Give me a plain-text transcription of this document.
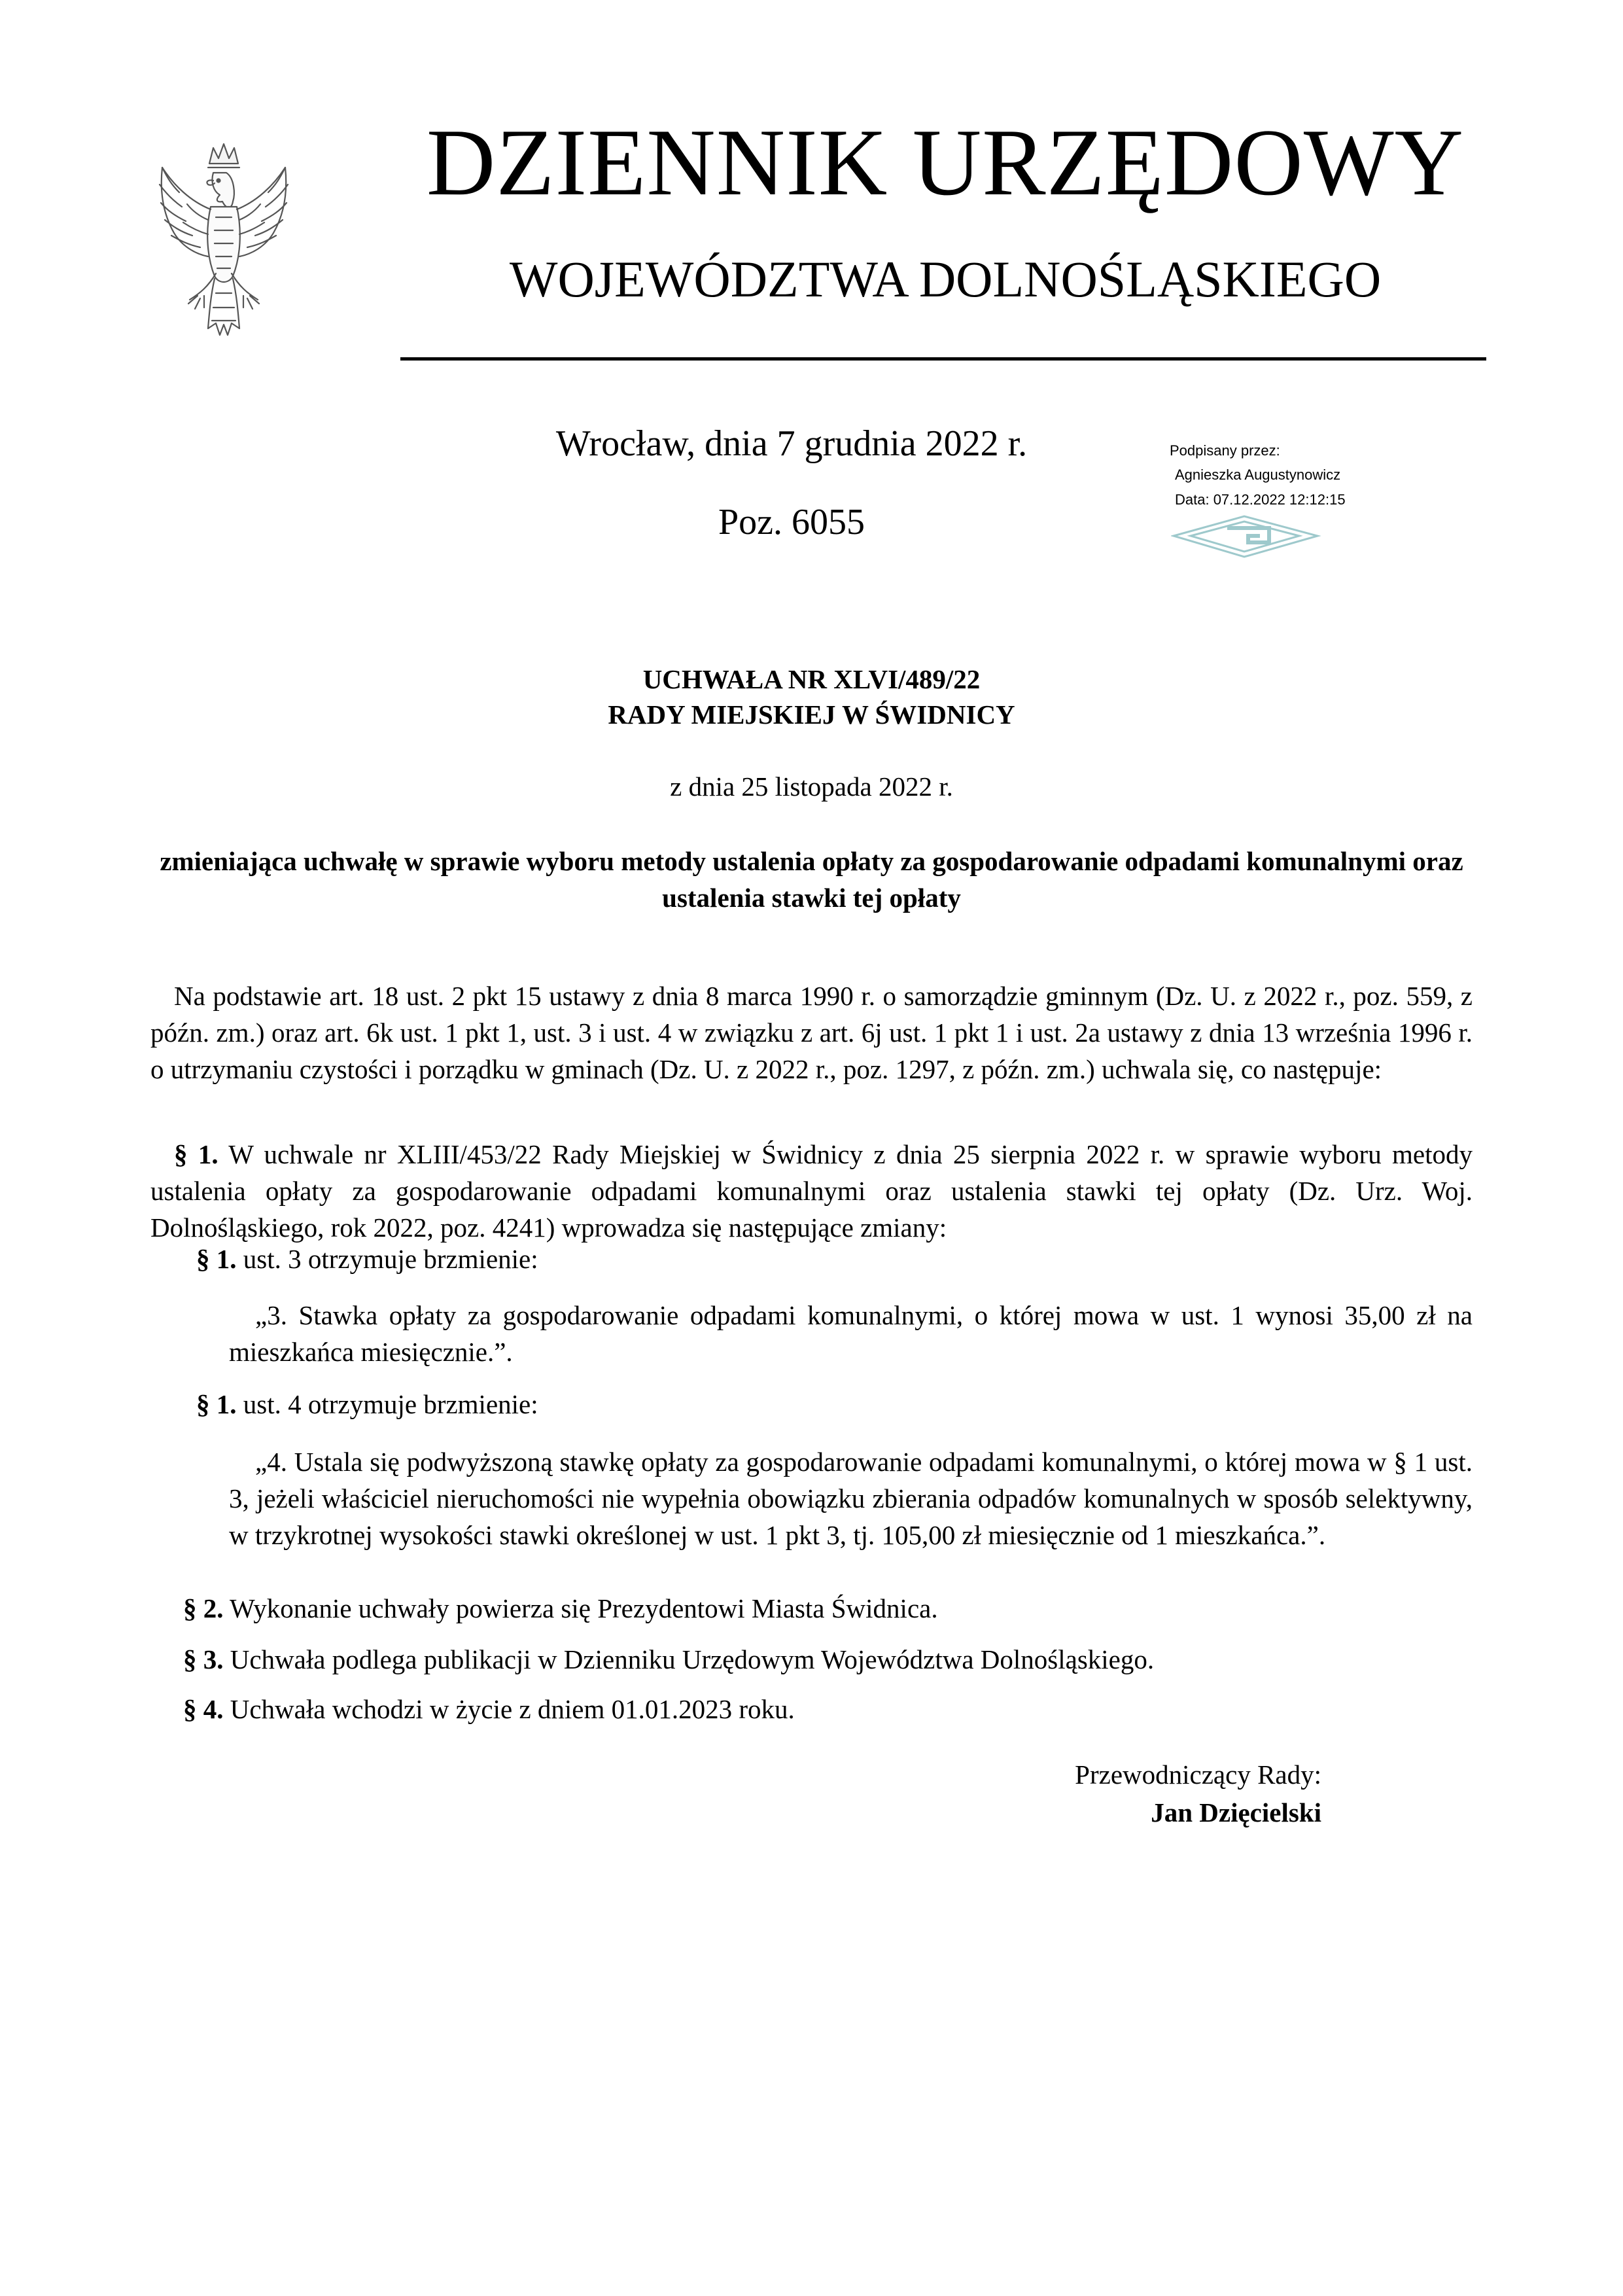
DZIENNIK URZĘDOWY
WOJEWÓDZTWA DOLNOŚLĄSKIEGO
Wrocław, dnia 7 grudnia 2022 r.
Poz. 6055
Podpisany przez:
Agnieszka Augustynowicz
Data: 07.12.2022 12:12:15
UCHWAŁA NR XLVI/489/22
RADY MIEJSKIEJ W ŚWIDNICY
z dnia 25 listopada 2022 r.
zmieniająca uchwałę w sprawie wyboru metody ustalenia opłaty za gospodarowanie odpadami komunalnymi oraz ustalenia stawki tej opłaty
Na podstawie art. 18 ust. 2 pkt 15 ustawy z dnia 8 marca 1990 r. o samorządzie gminnym (Dz. U. z 2022 r., poz. 559, z późn. zm.) oraz art. 6k ust. 1 pkt 1, ust. 3 i ust. 4 w związku z art. 6j ust. 1 pkt 1 i ust. 2a ustawy z dnia 13 września 1996 r. o utrzymaniu czystości i porządku w gminach (Dz. U. z 2022 r., poz. 1297, z późn. zm.) uchwala się, co następuje:
§ 1. W uchwale nr XLIII/453/22 Rady Miejskiej w Świdnicy z dnia 25 sierpnia 2022 r. w sprawie wyboru metody ustalenia opłaty za gospodarowanie odpadami komunalnymi oraz ustalenia stawki tej opłaty (Dz. Urz. Woj. Dolnośląskiego, rok 2022, poz. 4241) wprowadza się następujące zmiany:
§ 1. ust. 3 otrzymuje brzmienie:
„3. Stawka opłaty za gospodarowanie odpadami komunalnymi, o której mowa w ust. 1 wynosi 35,00 zł na mieszkańca miesięcznie.”.
§ 1. ust. 4 otrzymuje brzmienie:
„4. Ustala się podwyższoną stawkę opłaty za gospodarowanie odpadami komunalnymi, o której mowa w § 1 ust. 3, jeżeli właściciel nieruchomości nie wypełnia obowiązku zbierania odpadów komunalnych w sposób selektywny, w trzykrotnej wysokości stawki określonej w ust. 1 pkt 3, tj. 105,00 zł miesięcznie od 1 mieszkańca.”.
§ 2. Wykonanie uchwały powierza się Prezydentowi Miasta Świdnica.
§ 3. Uchwała podlega publikacji w Dzienniku Urzędowym Województwa Dolnośląskiego.
§ 4. Uchwała wchodzi w życie z dniem 01.01.2023 roku.
Przewodniczący Rady:
Jan Dzięcielski
